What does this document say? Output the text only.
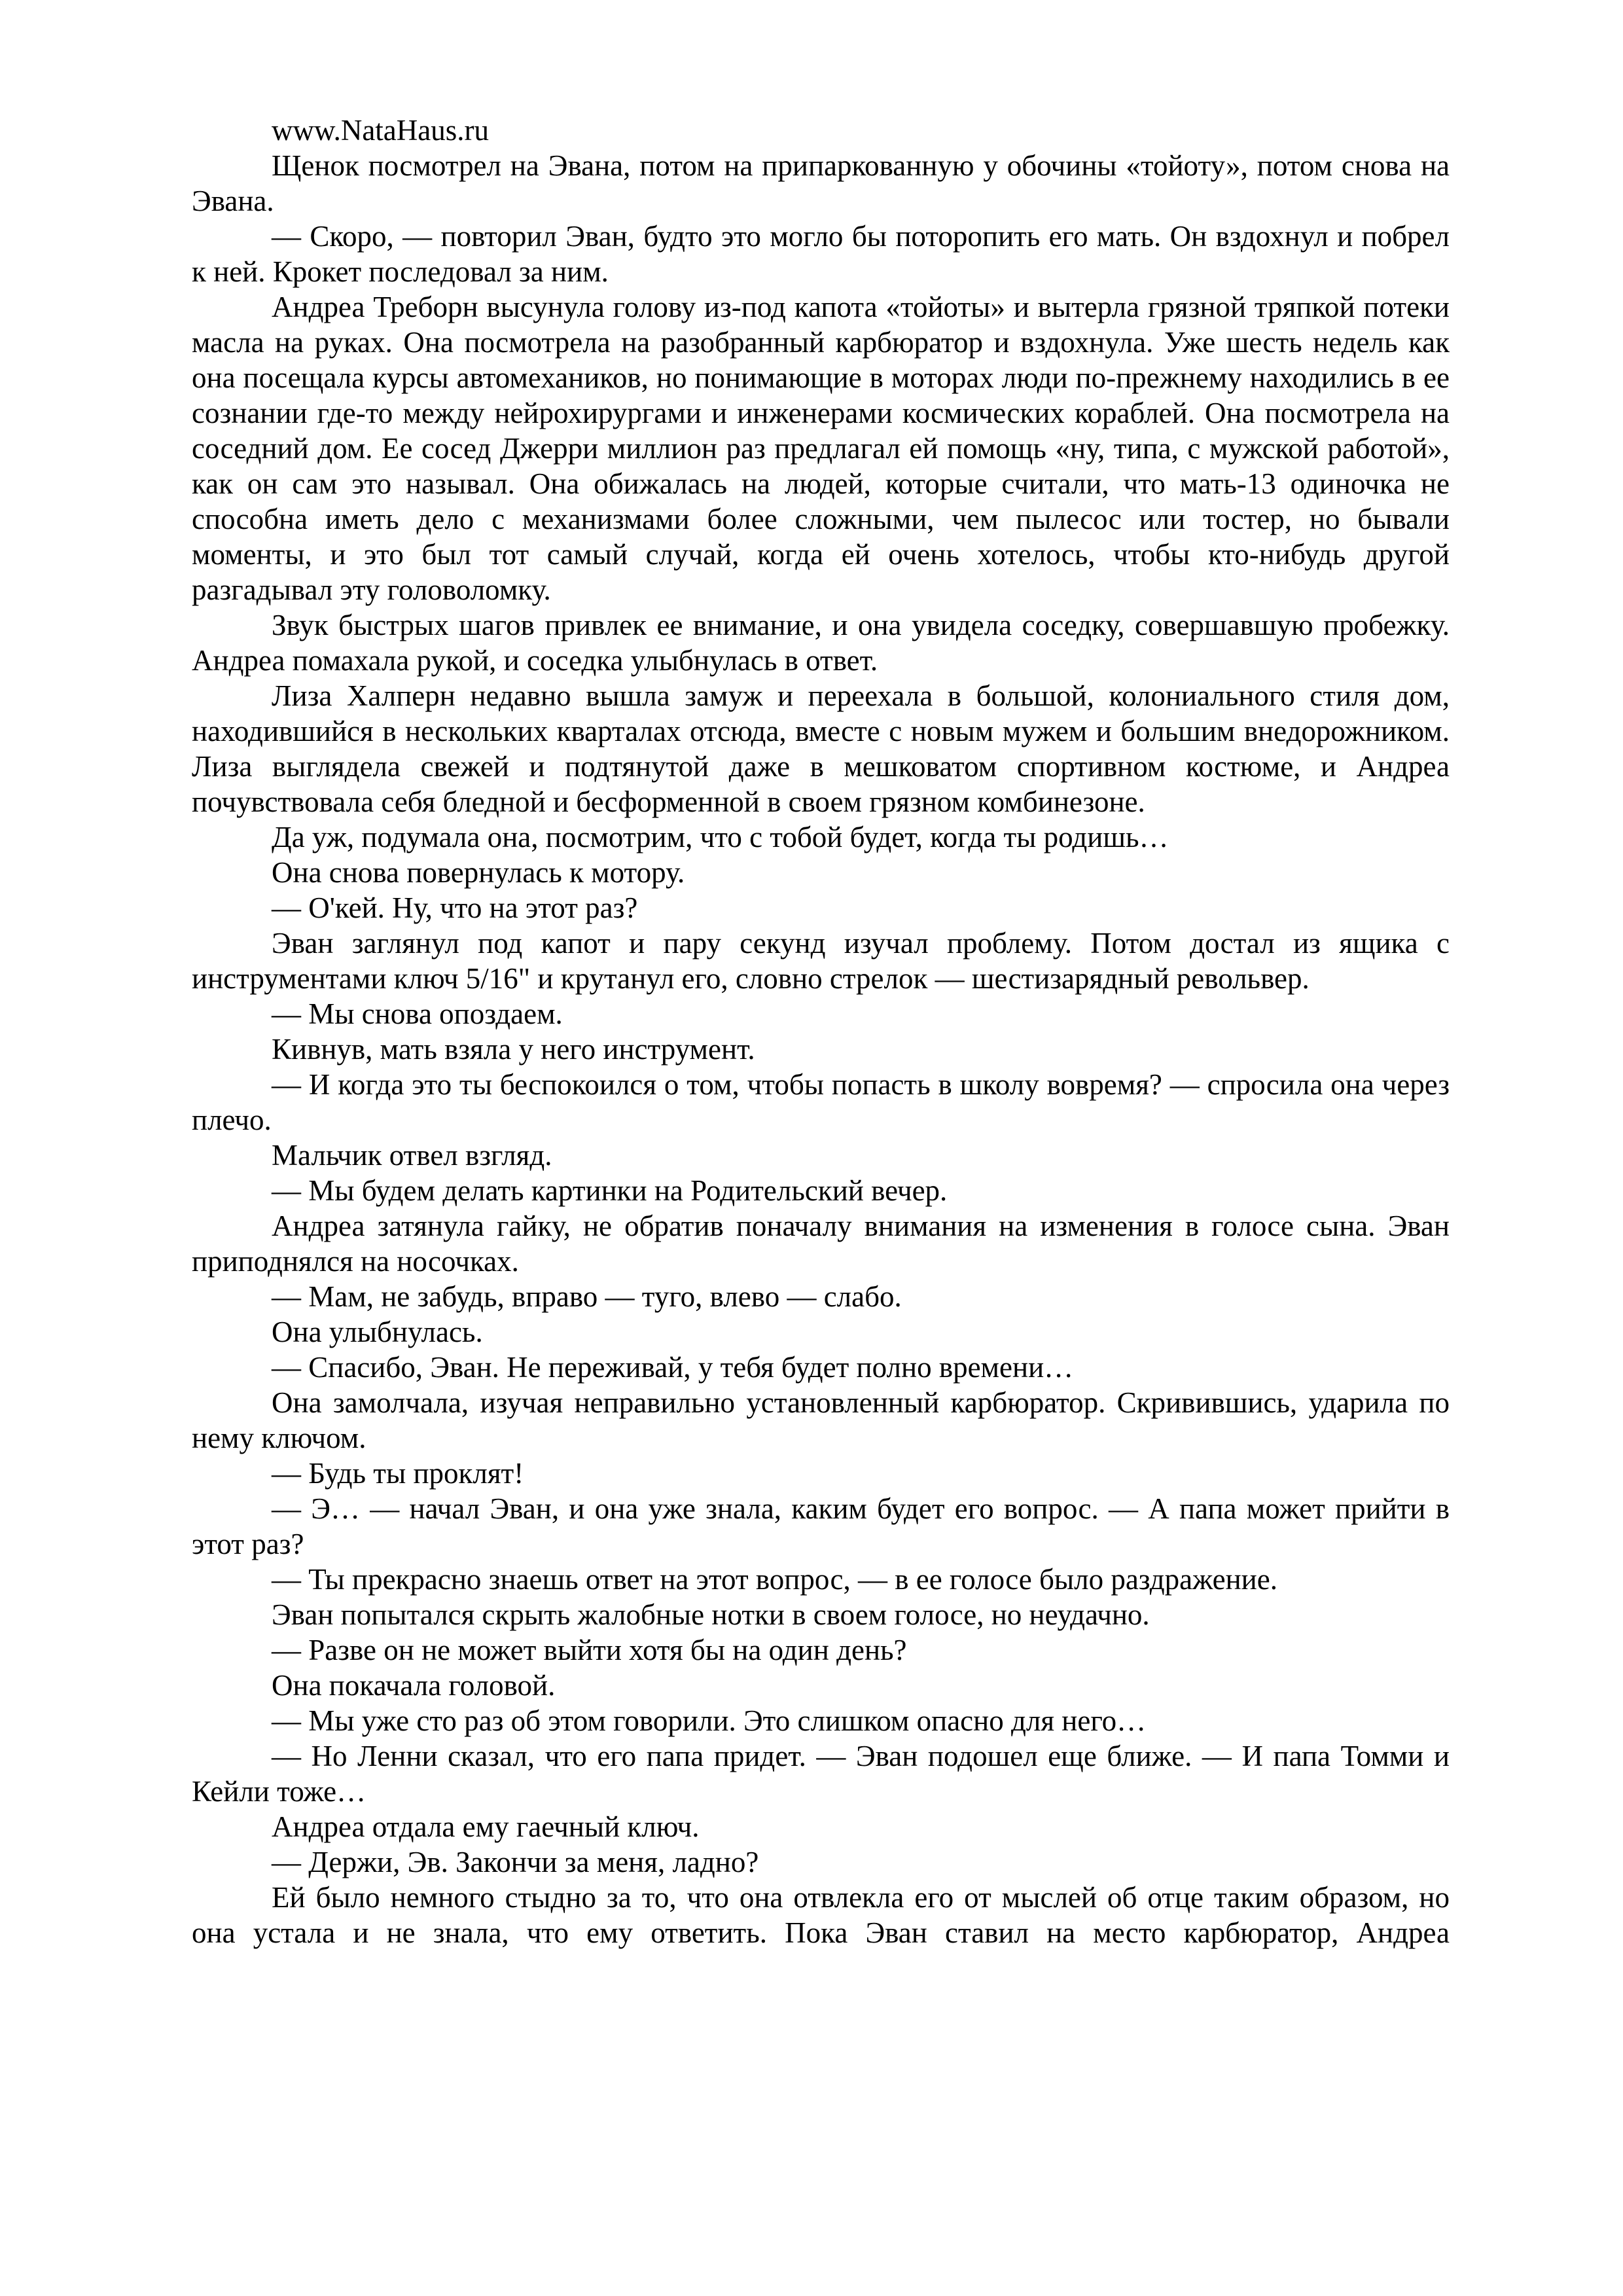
www.NataHaus.ru

Щенок посмотрел на Эвана, потом на припаркованную у обочины «тойоту», потом снова на Эвана.

— Скоро, — повторил Эван, будто это могло бы поторопить его мать. Он вздохнул и побрел к ней. Крокет последовал за ним.

Андреа Треборн высунула голову из-под капота «тойоты» и вытерла грязной тряпкой потеки масла на руках. Она посмотрела на разобранный карбюратор и вздохнула. Уже шесть недель как она посещала курсы автомехаников, но понимающие в моторах люди по-прежнему находились в ее сознании где-то между нейрохирургами и инженерами космических кораблей. Она посмотрела на соседний дом. Ее сосед Джерри миллион раз предлагал ей помощь «ну, типа, с мужской работой», как он сам это называл. Она обижалась на людей, которые считали, что мать-13 одиночка не способна иметь дело с механизмами более сложными, чем пылесос или тостер, но бывали моменты, и это был тот самый случай, когда ей очень хотелось, чтобы кто-нибудь другой разгадывал эту головоломку.

Звук быстрых шагов привлек ее внимание, и она увидела соседку, совершавшую пробежку. Андреа помахала рукой, и соседка улыбнулась в ответ.

Лиза Халперн недавно вышла замуж и переехала в большой, колониального стиля дом, находившийся в нескольких кварталах отсюда, вместе с новым мужем и большим внедорожником. Лиза выглядела свежей и подтянутой даже в мешковатом спортивном костюме, и Андреа почувствовала себя бледной и бесформенной в своем грязном комбинезоне.

Да уж, подумала она, посмотрим, что с тобой будет, когда ты родишь…

Она снова повернулась к мотору.

— О'кей. Ну, что на этот раз?

Эван заглянул под капот и пару секунд изучал проблему. Потом достал из ящика с инструментами ключ 5/16" и крутанул его, словно стрелок — шестизарядный револьвер.

— Мы снова опоздаем.

Кивнув, мать взяла у него инструмент.

— И когда это ты беспокоился о том, чтобы попасть в школу вовремя? — спросила она через плечо.

Мальчик отвел взгляд.

— Мы будем делать картинки на Родительский вечер.

Андреа затянула гайку, не обратив поначалу внимания на изменения в голосе сына. Эван приподнялся на носочках.

— Мам, не забудь, вправо — туго, влево — слабо.

Она улыбнулась.

— Спасибо, Эван. Не переживай, у тебя будет полно времени…

Она замолчала, изучая неправильно установленный карбюратор. Скривившись, ударила по нему ключом.

— Будь ты проклят!

— Э… — начал Эван, и она уже знала, каким будет его вопрос. — А папа может прийти в этот раз?

— Ты прекрасно знаешь ответ на этот вопрос, — в ее голосе было раздражение.

Эван попытался скрыть жалобные нотки в своем голосе, но неудачно.

— Разве он не может выйти хотя бы на один день?

Она покачала головой.

— Мы уже сто раз об этом говорили. Это слишком опасно для него…

— Но Ленни сказал, что его папа придет. — Эван подошел еще ближе. — И папа Томми и Кейли тоже…

Андреа отдала ему гаечный ключ.

— Держи, Эв. Закончи за меня, ладно?

Ей было немного стыдно за то, что она отвлекла его от мыслей об отце таким образом, но она устала и не знала, что ему ответить. Пока Эван ставил на место карбюратор, Андреа
